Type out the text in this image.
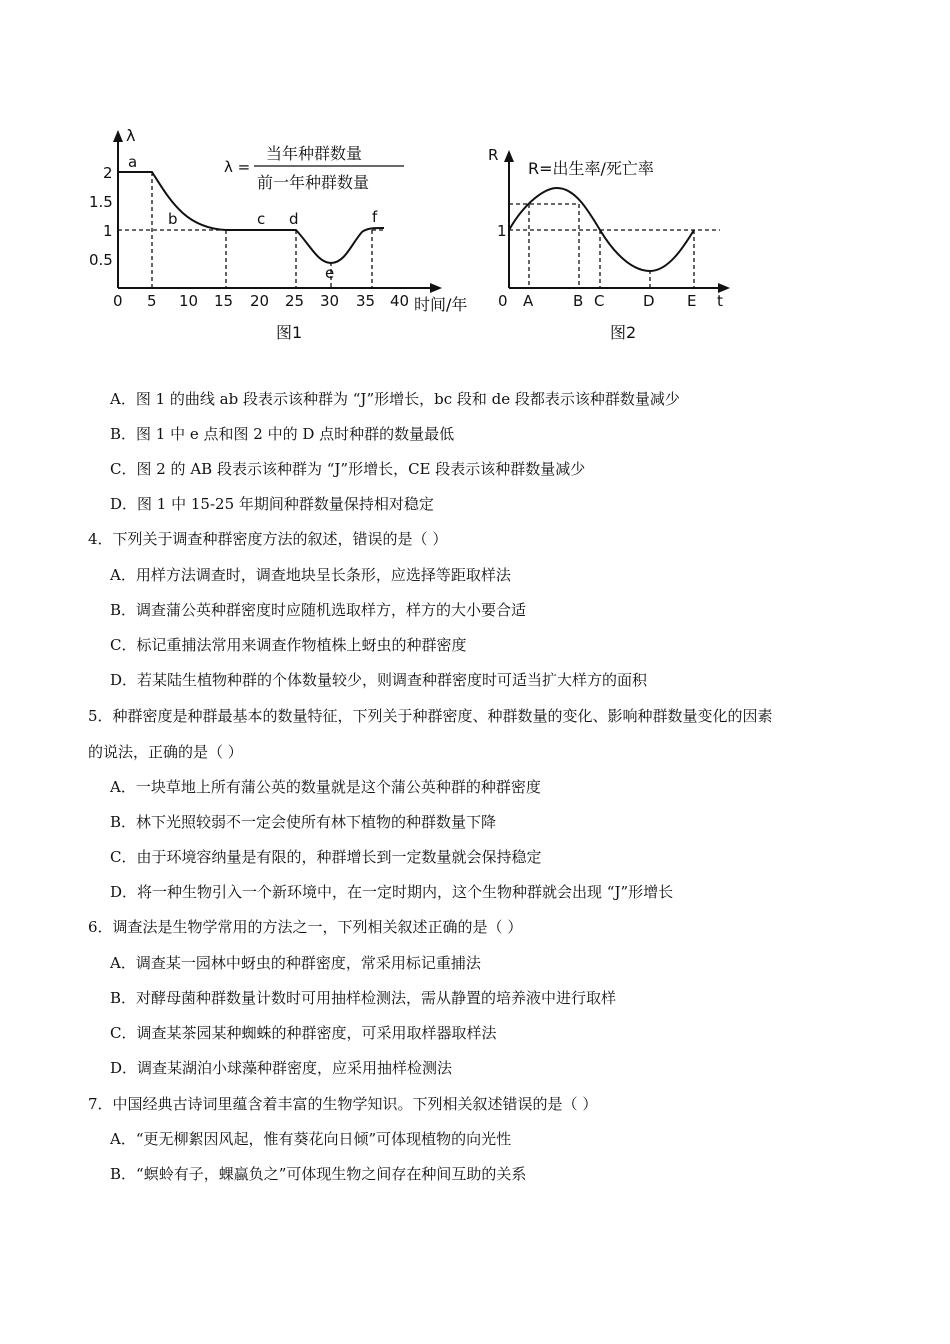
λ
时间/年
2
1.5
1
0.5
0 5 10 15 20 25 30 35 40
a
b	c d
e
f
λ =
当年种群数量
前一年种群数量
图1
R
R=出生率/死亡率
1
0 A	B C	D E t
图2
A．图 1 的曲线 ab 段表示该种群为 “J”形增长，bc 段和 de 段都表示该种群数量减少
B．图 1 中 e 点和图 2 中的 D 点时种群的数量最低
C．图 2 的 AB 段表示该种群为 “J”形增长，CE 段表示该种群数量减少
D．图 1 中 15-25 年期间种群数量保持相对稳定
4．下列关于调查种群密度方法的叙述，错误的是（ ）
A．用样方法调查时，调查地块呈长条形，应选择等距取样法
B．调查蒲公英种群密度时应随机选取样方，样方的大小要合适
C．标记重捕法常用来调查作物植株上蚜虫的种群密度
D．若某陆生植物种群的个体数量较少，则调查种群密度时可适当扩大样方的面积
5．种群密度是种群最基本的数量特征，下列关于种群密度、种群数量的变化、影响种群数量变化的因素
的说法，正确的是（ ）
A．一块草地上所有蒲公英的数量就是这个蒲公英种群的种群密度
B．林下光照较弱不一定会使所有林下植物的种群数量下降
C．由于环境容纳量是有限的，种群增长到一定数量就会保持稳定
D．将一种生物引入一个新环境中，在一定时期内，这个生物种群就会出现 “J”形增长
6．调查法是生物学常用的方法之一，下列相关叙述正确的是（ ）
A．调查某一园林中蚜虫的种群密度，常采用标记重捕法
B．对酵母菌种群数量计数时可用抽样检测法，需从静置的培养液中进行取样
C．调查某茶园某种蜘蛛的种群密度，可采用取样器取样法
D．调查某湖泊小球藻种群密度，应采用抽样检测法
7．中国经典古诗词里蕴含着丰富的生物学知识。下列相关叙述错误的是（ ）
A．“更无柳絮因风起，惟有葵花向日倾”可体现植物的向光性
B．“螟蛉有子，蜾蠃负之”可体现生物之间存在种间互助的关系
